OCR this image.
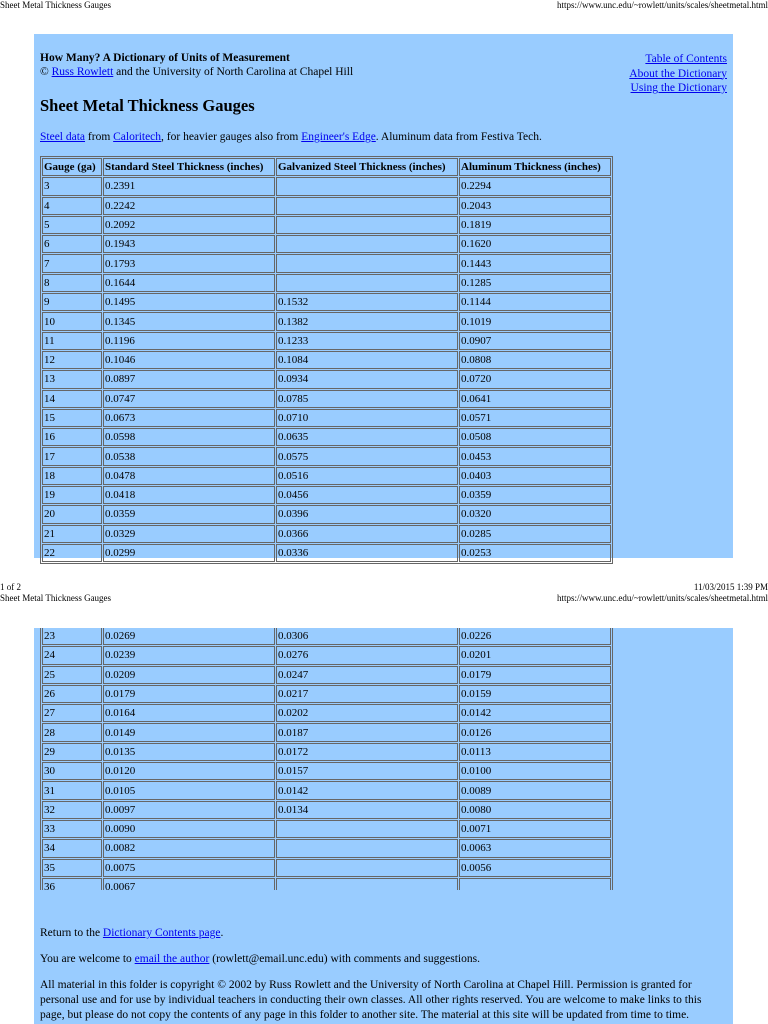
Sheet Metal Thickness Gauges	https://www.unc.edu/~rowlett/units/scales/sheetmetal.html
How Many? A Dictionary of Units of Measurement
© Russ Rowlett and the University of North Carolina at Chapel Hill
Table of Contents
About the Dictionary
Using the Dictionary
Sheet Metal Thickness Gauges
Steel data from Caloritech, for heavier gauges also from Engineer's Edge. Aluminum data from Festiva Tech.
Gauge (ga)	Standard Steel Thickness (inches)	Galvanized Steel Thickness (inches)	Aluminum Thickness (inches)
3	0.2391		0.2294
4	0.2242		0.2043
5	0.2092		0.1819
6	0.1943		0.1620
7	0.1793		0.1443
8	0.1644		0.1285
9	0.1495	0.1532	0.1144
10	0.1345	0.1382	0.1019
11	0.1196	0.1233	0.0907
12	0.1046	0.1084	0.0808
13	0.0897	0.0934	0.0720
14	0.0747	0.0785	0.0641
15	0.0673	0.0710	0.0571
16	0.0598	0.0635	0.0508
17	0.0538	0.0575	0.0453
18	0.0478	0.0516	0.0403
19	0.0418	0.0456	0.0359
20	0.0359	0.0396	0.0320
21	0.0329	0.0366	0.0285
22	0.0299	0.0336	0.0253
1 of 2	11/03/2015 1:39 PM
Sheet Metal Thickness Gauges	https://www.unc.edu/~rowlett/units/scales/sheetmetal.html
23	0.0269	0.0306	0.0226
24	0.0239	0.0276	0.0201
25	0.0209	0.0247	0.0179
26	0.0179	0.0217	0.0159
27	0.0164	0.0202	0.0142
28	0.0149	0.0187	0.0126
29	0.0135	0.0172	0.0113
30	0.0120	0.0157	0.0100
31	0.0105	0.0142	0.0089
32	0.0097	0.0134	0.0080
33	0.0090		0.0071
34	0.0082		0.0063
35	0.0075		0.0056
36	0.0067		
Return to the Dictionary Contents page.
You are welcome to email the author (rowlett@email.unc.edu) with comments and suggestions.
All material in this folder is copyright © 2002 by Russ Rowlett and the University of North Carolina at Chapel Hill. Permission is granted for personal use and for use by individual teachers in conducting their own classes. All other rights reserved. You are welcome to make links to this page, but please do not copy the contents of any page in this folder to another site. The material at this site will be updated from time to time.
